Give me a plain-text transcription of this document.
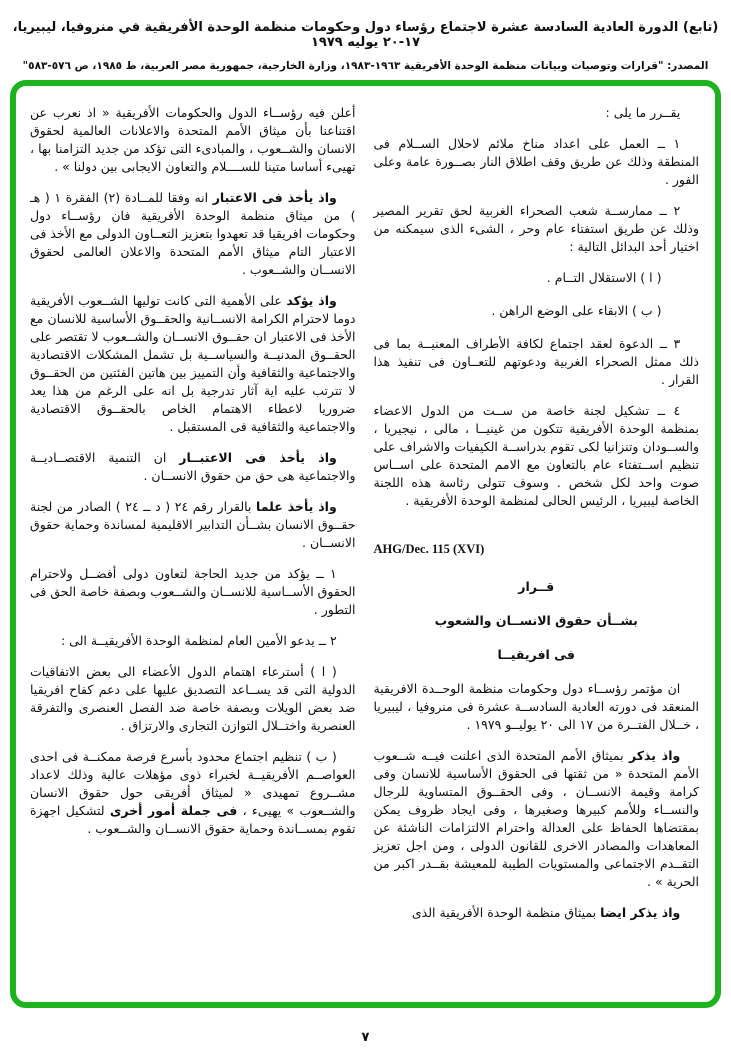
(تابع) الدورة العادية السادسة عشرة لاجتماع رؤساء دول وحكومات منظمة الوحدة الأفريقية في منروفيا، ليبيريا، ١٧-٢٠ يوليه ١٩٧٩
المصدر: "قرارات وتوصيات وبيانات منظمة الوحدة الأفريقية ١٩٦٣-١٩٨٣، وزارة الخارجية، جمهورية مصر العربية، ط ١٩٨٥، ص ٥٧٦-٥٨٣"

يقــرر ما يلى :

١ ــ العمل على اعداد مناخ ملائم لاحلال الســلام فى المنطقة وذلك عن طريق وقف اطلاق النار بصــورة عامة وعلى الفور .

٢ ــ ممارســة شعب الصحراء الغربية لحق تقرير المصير وذلك عن طريق استفتاء عام وحر ، الشىء الذى سيمكنه من اختيار أحد البدائل التالية :

( ا ) الاستقلال التــام .

( ب ) الابقاء على الوضع الراهن .

٣ ــ الدعوة لعقد اجتماع لكافة الأطراف المعنيــة بما فى ذلك ممثل الصحراء الغربية ودعوتهم للتعــاون فى تنفيذ هذا القرار .

٤ ــ تشكيل لجنة خاصة من ســت من الدول الاعضاء بمنظمة الوحدة الأفريقية تتكون من غينيــا ، مالى ، نيجيريا ، والســودان وتنزانيا لكى تقوم بدراســة الكيفيات والاشراف على تنظيم اســتفتاء عام بالتعاون مع الامم المتحدة على اســاس صوت واحد لكل شخص . وسوف تتولى رئاسة هذه اللجنة الخاصة ليبيريا ، الرئيس الحالى لمنظمة الوحدة الأفريقية .

AHG/Dec. 115 (XVI)

قــرار

بشــأن حقوق الانســان والشعوب

فى افريقيــا

ان مؤتمر رؤســاء دول وحكومات منظمة الوحــدة الافريقية المنعقد فى دورته العادية السادســة عشرة فى منروفيا ، ليبيريا ، خــلال الفتــرة من ١٧ الى ٢٠ يوليــو ١٩٧٩ .

واذ يذكر بميثاق الأمم المتحدة الذى اعلنت فيــه شــعوب الأمم المتحدة « من ثقتها فى الحقوق الأساسية للانسان وفى كرامة وقيمة الانســان ، وفى الحقــوق المتساوية للرجال والنســاء وللأمم كبيرها وصغيرها ، وفى ايجاد ظروف يمكن بمقتضاها الحفاظ على العدالة واحترام الالتزامات الناشئة عن المعاهدات والمصادر الاخرى للقانون الدولى ، ومن اجل تعزيز التقــدم الاجتماعى والمستويات الطيبة للمعيشة بقــدر اكبر من الحرية » .

واذ يذكر ايضا بميثاق منظمة الوحدة الأفريقية الذى

أعلن فيه رؤســاء الدول والحكومات الأفريقية « اذ نعرب عن اقتناعنا بأن ميثاق الأمم المتحدة والاعلانات العالمية لحقوق الانسان والشــعوب ، والمبادىء التى تؤكد من جديد التزامنا بها ، تهيىء أساسا متينا للســــلام والتعاون الايجابى بين دولنا » .

واذ يأخذ فى الاعتبار انه وفقا للمــادة (٢) الفقرة ١ ( هـ ) من ميثاق منظمة الوحدة الأفريقية فان رؤســاء دول وحكومات افريقيا قد تعهدوا بتعزيز التعــاون الدولى مع الأخذ فى الاعتبار التام ميثاق الأمم المتحدة والاعلان العالمى لحقوق الانســان والشــعوب .

واذ يؤكد على الأهمية التى كانت توليها الشــعوب الأفريقية دوما لاحترام الكرامة الانســانية والحقــوق الأساسية للانسان مع الأخذ فى الاعتبار ان حقــوق الانســان والشــعوب لا تقتصر على الحقــوق المدنيــة والسياســية بل تشمل المشكلات الاقتصادية والاجتماعية والثقافية وأن التمييز بين هاتين الفئتين من الحقــوق لا تترتب عليه اية آثار تدرجية بل انه على الرغم من هذا يعد ضروريا لاعطاء الاهتمام الخاص بالحقــوق الاقتصادية والاجتماعية والثقافية فى المستقبل .

واذ يأخذ فى الاعتبــار ان التنمية الاقتصــاديــة والاجتماعية هى حق من حقوق الانســان .

واذ يأخذ علما بالقرار رقم ٢٤ ( د ــ ٢٤ ) الصادر من لجنة حقــوق الانسان بشــأن التدابير الاقليمية لمساندة وحماية حقوق الانســان .

١ ــ يؤكد من جديد الحاجة لتعاون دولى أفضــل ولاحترام الحقوق الأســاسية للانســان والشــعوب وبصفة خاصة الحق فى التطور .

٢ ــ يدعو الأمين العام لمنظمة الوحدة الأفريقيــة الى :

( ا ) أسترعاء اهتمام الدول الأعضاء الى بعض الاتفاقيات الدولية التى قد يســاعد التصديق عليها على دعم كفاح افريقيا ضد بعض الويلات وبصفة خاصة ضد الفصل العنصرى والتفرقة العنصرية واختــلال التوازن التجارى والارتزاق .

( ب ) تنظيم اجتماع محدود بأسرع فرصة ممكنــة فى احدى العواصــم الأفريقيــة لخبراء ذوى مؤهلات عالية وذلك لاعداد مشــروع تمهيدى « لميثاق أفريقى حول حقوق الانسان والشــعوب » يهيىء ، فى جملة أمور أخرى لتشكيل اجهزة تقوم بمســاندة وحماية حقوق الانســان والشــعوب .

٧
